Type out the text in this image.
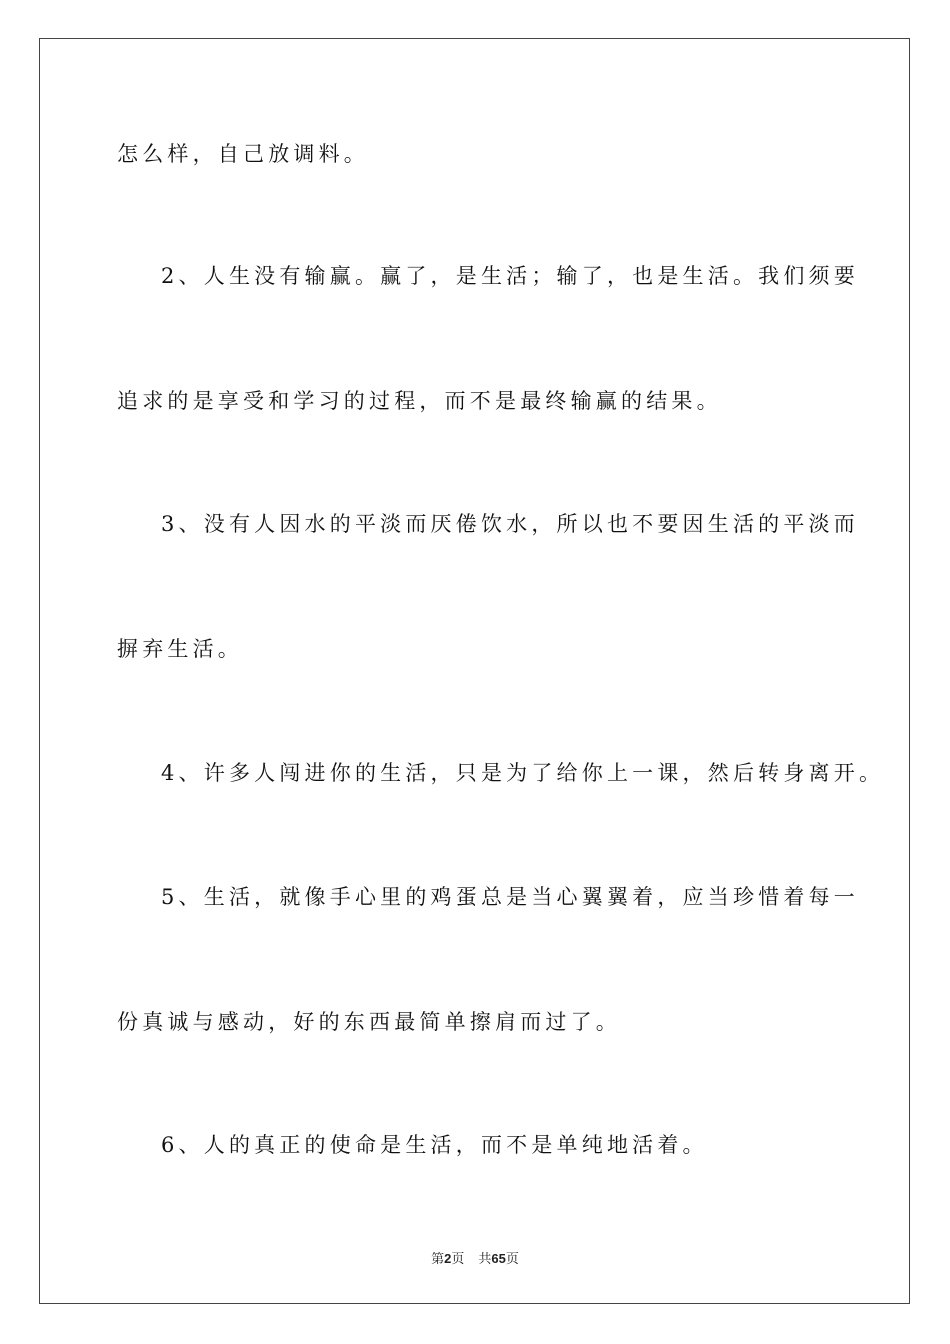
怎么样，自己放调料。
2、人生没有输赢。赢了，是生活；输了，也是生活。我们须要
追求的是享受和学习的过程，而不是最终输赢的结果。
3、没有人因水的平淡而厌倦饮水，所以也不要因生活的平淡而
摒弃生活。
4、许多人闯进你的生活，只是为了给你上一课，然后转身离开。
5、生活，就像手心里的鸡蛋总是当心翼翼着，应当珍惜着每一
份真诚与感动，好的东西最简单擦肩而过了。
6、人的真正的使命是生活，而不是单纯地活着。
第2页 共65页
